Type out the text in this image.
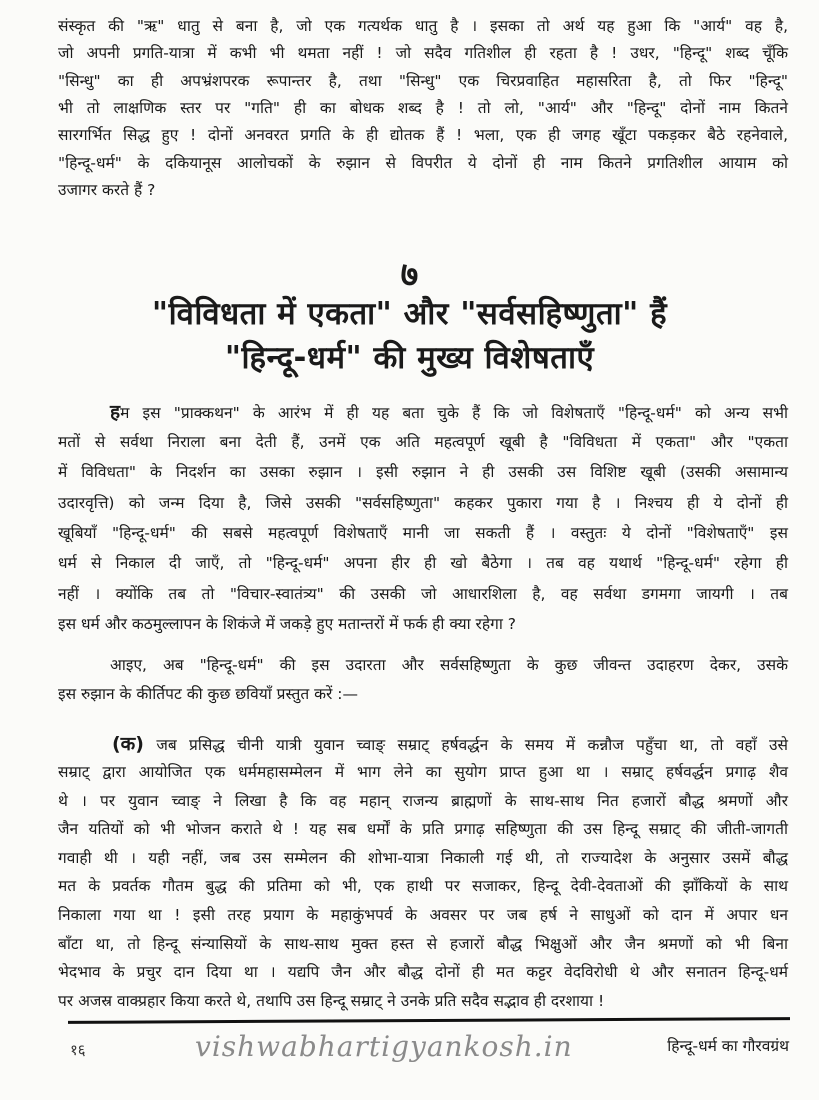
संस्कृत की "ऋ" धातु से बना है, जो एक गत्यर्थक धातु है । इसका तो अर्थ यह हुआ कि "आर्य" वह है,
जो अपनी प्रगति-यात्रा में कभी भी थमता नहीं ! जो सदैव गतिशील ही रहता है ! उधर, "हिन्दू" शब्द चूँकि
"सिन्धु" का ही अपभ्रंशपरक रूपान्तर है, तथा "सिन्धु" एक चिरप्रवाहित महासरिता है, तो फिर "हिन्दू"
भी तो लाक्षणिक स्तर पर "गति" ही का बोधक शब्द है ! तो लो, "आर्य" और "हिन्दू" दोनों नाम कितने
सारगर्भित सिद्ध हुए ! दोनों अनवरत प्रगति के ही द्योतक हैं ! भला, एक ही जगह खूँटा पकड़कर बैठे रहनेवाले,
"हिन्दू-धर्म" के दकियानूस आलोचकों के रुझान से विपरीत ये दोनों ही नाम कितने प्रगतिशील आयाम को
उजागर करते हैं ?
७
"विविधता में एकता" और "सर्वसहिष्णुता" हैं
"हिन्दू-धर्म" की मुख्य विशेषताएँ
हम इस "प्राक्कथन" के आरंभ में ही यह बता चुके हैं कि जो विशेषताएँ "हिन्दू-धर्म" को अन्य सभी
मतों से सर्वथा निराला बना देती हैं, उनमें एक अति महत्वपूर्ण खूबी है "विविधता में एकता" और "एकता
में विविधता" के निदर्शन का उसका रुझान । इसी रुझान ने ही उसकी उस विशिष्ट खूबी (उसकी असामान्य
उदारवृत्ति) को जन्म दिया है, जिसे उसकी "सर्वसहिष्णुता" कहकर पुकारा गया है । निश्चय ही ये दोनों ही
खूबियाँ "हिन्दू-धर्म" की सबसे महत्वपूर्ण विशेषताएँ मानी जा सकती हैं । वस्तुतः ये दोनों "विशेषताएँ" इस
धर्म से निकाल दी जाएँ, तो "हिन्दू-धर्म" अपना हीर ही खो बैठेगा । तब वह यथार्थ "हिन्दू-धर्म" रहेगा ही
नहीं । क्योंकि तब तो "विचार-स्वातंत्र्य" की उसकी जो आधारशिला है, वह सर्वथा डगमगा जायगी । तब
इस धर्म और कठमुल्लापन के शिकंजे में जकड़े हुए मतान्तरों में फर्क ही क्या रहेगा ?
आइए, अब "हिन्दू-धर्म" की इस उदारता और सर्वसहिष्णुता के कुछ जीवन्त उदाहरण देकर, उसके
इस रुझान के कीर्तिपट की कुछ छवियाँ प्रस्तुत करें :—
(क) जब प्रसिद्ध चीनी यात्री युवान च्वाङ् सम्राट् हर्षवर्द्धन के समय में कन्नौज पहुँचा था, तो वहाँ उसे
सम्राट् द्वारा आयोजित एक धर्ममहासम्मेलन में भाग लेने का सुयोग प्राप्त हुआ था । सम्राट् हर्षवर्द्धन प्रगाढ़ शैव
थे । पर युवान च्वाङ् ने लिखा है कि वह महान् राजन्य ब्राह्मणों के साथ-साथ नित हजारों बौद्ध श्रमणों और
जैन यतियों को भी भोजन कराते थे ! यह सब धर्मों के प्रति प्रगाढ़ सहिष्णुता की उस हिन्दू सम्राट् की जीती-जागती
गवाही थी । यही नहीं, जब उस सम्मेलन की शोभा-यात्रा निकाली गई थी, तो राज्यादेश के अनुसार उसमें बौद्ध
मत के प्रवर्तक गौतम बुद्ध की प्रतिमा को भी, एक हाथी पर सजाकर, हिन्दू देवी-देवताओं की झाँकियों के साथ
निकाला गया था ! इसी तरह प्रयाग के महाकुंभपर्व के अवसर पर जब हर्ष ने साधुओं को दान में अपार धन
बाँटा था, तो हिन्दू संन्यासियों के साथ-साथ मुक्त हस्त से हजारों बौद्ध भिक्षुओं और जैन श्रमणों को भी बिना
भेदभाव के प्रचुर दान दिया था । यद्यपि जैन और बौद्ध दोनों ही मत कट्टर वेदविरोधी थे और सनातन हिन्दू-धर्म
पर अजस्र वाक्प्रहार किया करते थे, तथापि उस हिन्दू सम्राट् ने उनके प्रति सदैव सद्भाव ही दरशाया !
१६	vishwabhartigyankosh.in	हिन्दू-धर्म का गौरवग्रंथ
